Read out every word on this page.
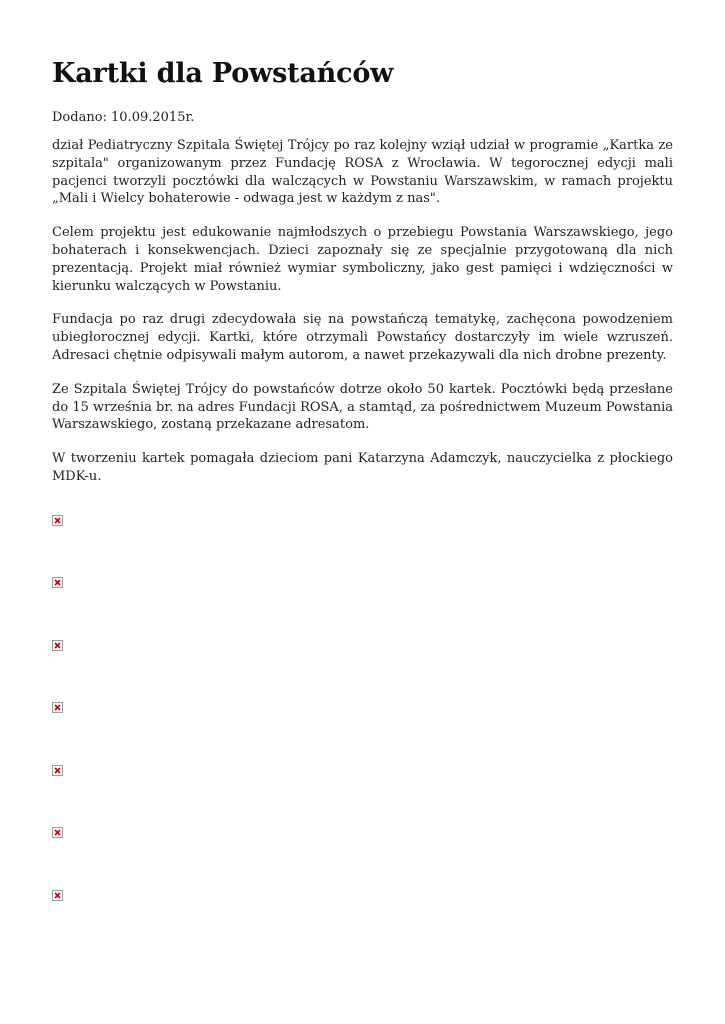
Kartki dla Powstańców
Dodano: 10.09.2015r.

dział Pediatryczny Szpitala Świętej Trójcy po raz kolejny wziął udział w programie „Kartka ze szpitala" organizowanym przez Fundację ROSA z Wrocławia. W tegorocznej edycji mali pacjenci tworzyli pocztówki dla walczących w Powstaniu Warszawskim, w ramach projektu „Mali i Wielcy bohaterowie - odwaga jest w każdym z nas".

Celem projektu jest edukowanie najmłodszych o przebiegu Powstania Warszawskiego, jego bohaterach i konsekwencjach. Dzieci zapoznały się ze specjalnie przygotowaną dla nich prezentacją. Projekt miał również wymiar symboliczny, jako gest pamięci i wdzięczności w kierunku walczących w Powstaniu.

Fundacja po raz drugi zdecydowała się na powstańczą tematykę, zachęcona powodzeniem ubiegłorocznej edycji. Kartki, które otrzymali Powstańcy dostarczyły im wiele wzruszeń. Adresaci chętnie odpisywali małym autorom, a nawet przekazywali dla nich drobne prezenty.

Ze Szpitala Świętej Trójcy do powstańców dotrze około 50 kartek. Pocztówki będą przesłane do 15 września br. na adres Fundacji ROSA, a stamtąd, za pośrednictwem Muzeum Powstania Warszawskiego, zostaną przekazane adresatom.

W tworzeniu kartek pomagała dzieciom pani Katarzyna Adamczyk, nauczycielka z płockiego MDK-u.
